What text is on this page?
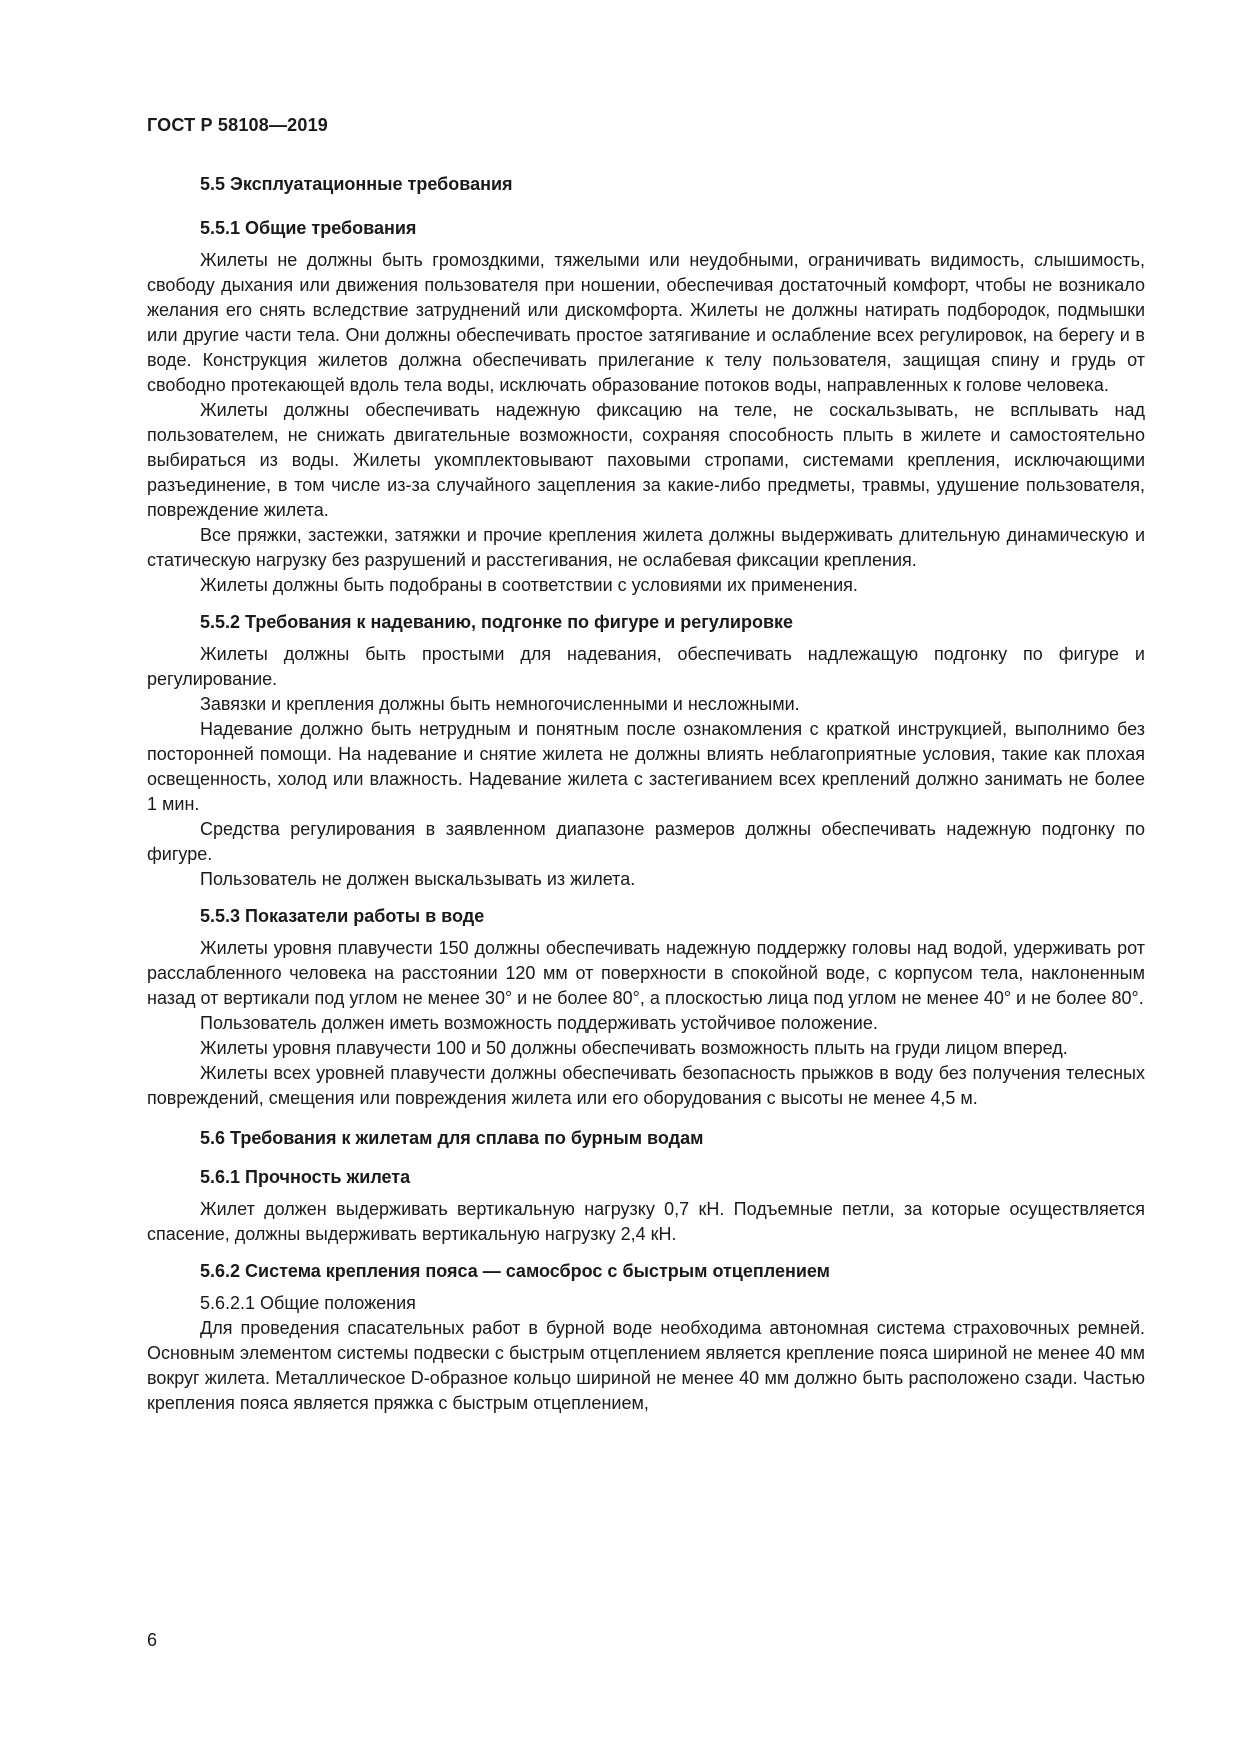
ГОСТ Р 58108—2019

5.5 Эксплуатационные требования

5.5.1 Общие требования

Жилеты не должны быть громоздкими, тяжелыми или неудобными, ограничивать видимость, слышимость, свободу дыхания или движения пользователя при ношении, обеспечивая достаточный комфорт, чтобы не возникало желания его снять вследствие затруднений или дискомфорта. Жилеты не должны натирать подбородок, подмышки или другие части тела. Они должны обеспечивать простое затягивание и ослабление всех регулировок, на берегу и в воде. Конструкция жилетов должна обеспечивать прилегание к телу пользователя, защищая спину и грудь от свободно протекающей вдоль тела воды, исключать образование потоков воды, направленных к голове человека.

Жилеты должны обеспечивать надежную фиксацию на теле, не соскальзывать, не всплывать над пользователем, не снижать двигательные возможности, сохраняя способность плыть в жилете и самостоятельно выбираться из воды. Жилеты укомплектовывают паховыми стропами, системами крепления, исключающими разъединение, в том числе из-за случайного зацепления за какие-либо предметы, травмы, удушение пользователя, повреждение жилета.

Все пряжки, застежки, затяжки и прочие крепления жилета должны выдерживать длительную динамическую и статическую нагрузку без разрушений и расстегивания, не ослабевая фиксации крепления.

Жилеты должны быть подобраны в соответствии с условиями их применения.

5.5.2 Требования к надеванию, подгонке по фигуре и регулировке

Жилеты должны быть простыми для надевания, обеспечивать надлежащую подгонку по фигуре и регулирование.

Завязки и крепления должны быть немногочисленными и несложными.

Надевание должно быть нетрудным и понятным после ознакомления с краткой инструкцией, выполнимо без посторонней помощи. На надевание и снятие жилета не должны влиять неблагоприятные условия, такие как плохая освещенность, холод или влажность. Надевание жилета с застегиванием всех креплений должно занимать не более 1 мин.

Средства регулирования в заявленном диапазоне размеров должны обеспечивать надежную подгонку по фигуре.

Пользователь не должен выскальзывать из жилета.

5.5.3 Показатели работы в воде

Жилеты уровня плавучести 150 должны обеспечивать надежную поддержку головы над водой, удерживать рот расслабленного человека на расстоянии 120 мм от поверхности в спокойной воде, с корпусом тела, наклоненным назад от вертикали под углом не менее 30° и не более 80°, а плоскостью лица под углом не менее 40° и не более 80°.

Пользователь должен иметь возможность поддерживать устойчивое положение.

Жилеты уровня плавучести 100 и 50 должны обеспечивать возможность плыть на груди лицом вперед.

Жилеты всех уровней плавучести должны обеспечивать безопасность прыжков в воду без получения телесных повреждений, смещения или повреждения жилета или его оборудования с высоты не менее 4,5 м.

5.6 Требования к жилетам для сплава по бурным водам

5.6.1 Прочность жилета

Жилет должен выдерживать вертикальную нагрузку 0,7 кН. Подъемные петли, за которые осуществляется спасение, должны выдерживать вертикальную нагрузку 2,4 кН.

5.6.2 Система крепления пояса — самосброс с быстрым отцеплением

5.6.2.1 Общие положения

Для проведения спасательных работ в бурной воде необходима автономная система страховочных ремней. Основным элементом системы подвески с быстрым отцеплением является крепление пояса шириной не менее 40 мм вокруг жилета. Металлическое D-образное кольцо шириной не менее 40 мм должно быть расположено сзади. Частью крепления пояса является пряжка с быстрым отцеплением,

6
